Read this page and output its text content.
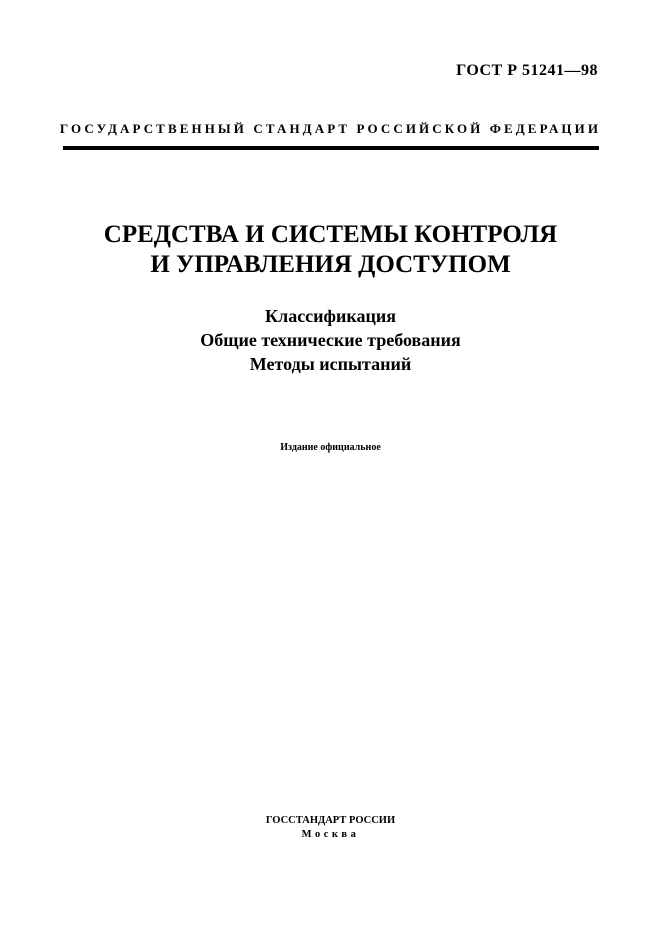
ГОСТ Р 51241—98
ГОСУДАРСТВЕННЫЙ СТАНДАРТ РОССИЙСКОЙ ФЕДЕРАЦИИ
СРЕДСТВА И СИСТЕМЫ КОНТРОЛЯ
И УПРАВЛЕНИЯ ДОСТУПОМ
Классификация
Общие технические требования
Методы испытаний
Издание официальное
ГОССТАНДАРТ РОССИИ
Москва
